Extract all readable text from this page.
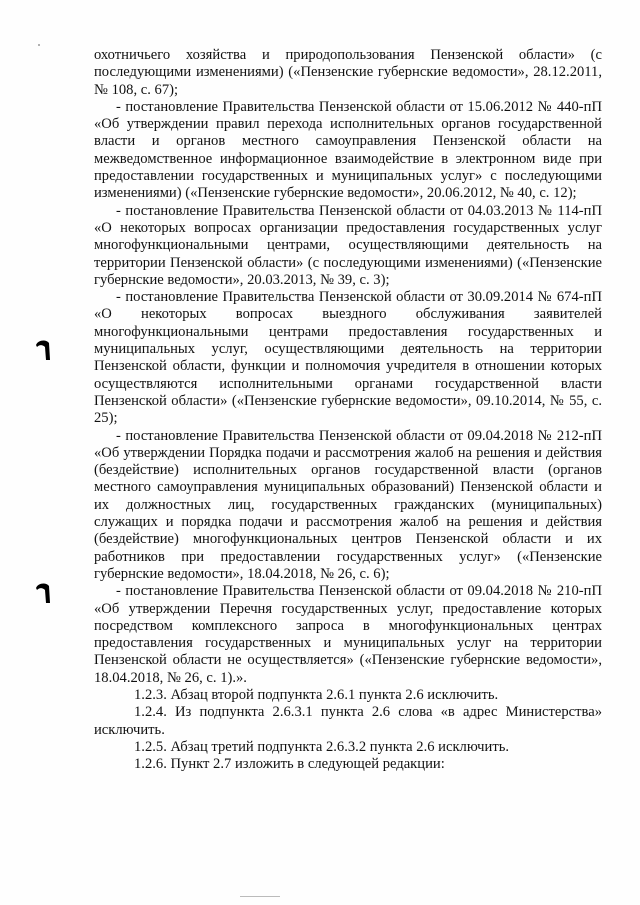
охотничьего хозяйства и природопользования Пензенской области» (с последующими изменениями) («Пензенские губернские ведомости», 28.12.2011, № 108, с. 67);

- постановление Правительства Пензенской области от 15.06.2012 № 440-пП «Об утверждении правил перехода исполнительных органов государственной власти и органов местного самоуправления Пензенской области на межведомственное информационное взаимодействие в электронном виде при предоставлении государственных и муниципальных услуг» с последующими изменениями) («Пензенские губернские ведомости», 20.06.2012, № 40, с. 12);

- постановление Правительства Пензенской области от 04.03.2013 № 114-пП «О некоторых вопросах организации предоставления государственных услуг многофункциональными центрами, осуществляющими деятельность на территории Пензенской области» (с последующими изменениями) («Пензенские губернские ведомости», 20.03.2013, № 39, с. 3);

- постановление Правительства Пензенской области от 30.09.2014 № 674-пП «О некоторых вопросах выездного обслуживания заявителей многофункциональными центрами предоставления государственных и муниципальных услуг, осуществляющими деятельность на территории Пензенской области, функции и полномочия учредителя в отношении которых осуществляются исполнительными органами государственной власти Пензенской области» («Пензенские губернские ведомости», 09.10.2014, № 55, с. 25);

- постановление Правительства Пензенской области от 09.04.2018 № 212-пП «Об утверждении Порядка подачи и рассмотрения жалоб на решения и действия (бездействие) исполнительных органов государственной власти (органов местного самоуправления муниципальных образований) Пензенской области и их должностных лиц, государственных гражданских (муниципальных) служащих и порядка подачи и рассмотрения жалоб на решения и действия (бездействие) многофункциональных центров Пензенской области и их работников при предоставлении государственных услуг» («Пензенские губернские ведомости», 18.04.2018, № 26, с. 6);

- постановление Правительства Пензенской области от 09.04.2018 № 210-пП «Об утверждении Перечня государственных услуг, предоставление которых посредством комплексного запроса в многофункциональных центрах предоставления государственных и муниципальных услуг на территории Пензенской области не осуществляется» («Пензенские губернские ведомости», 18.04.2018, № 26, с. 1).».

1.2.3. Абзац второй подпункта 2.6.1 пункта 2.6 исключить.

1.2.4. Из подпункта 2.6.3.1 пункта 2.6 слова «в адрес Министерства» исключить.

1.2.5. Абзац третий подпункта 2.6.3.2 пункта 2.6 исключить.

1.2.6. Пункт 2.7 изложить в следующей редакции:
